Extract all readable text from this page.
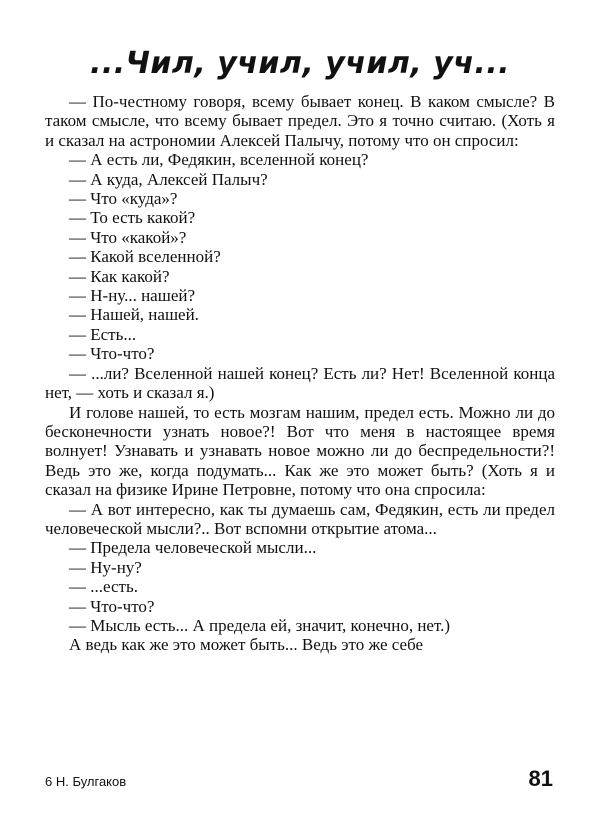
...Чил, учил, учил, уч...

— По-честному говоря, всему бывает конец. В каком смысле? В таком смысле, что всему бывает предел. Это я точно считаю. (Хоть я и сказал на астрономии Алексей Палычу, потому что он спросил:

— А есть ли, Федякин, вселенной конец?

— А куда, Алексей Палыч?

— Что «куда»?

— То есть какой?

— Что «какой»?

— Какой вселенной?

— Как какой?

— Н-ну... нашей?

— Нашей, нашей.

— Есть...

— Что-что?

— ...ли? Вселенной нашей конец? Есть ли? Нет! Вселенной конца нет, — хоть и сказал я.)

И голове нашей, то есть мозгам нашим, предел есть. Можно ли до бесконечности узнать новое?! Вот что меня в настоящее время волнует! Узнавать и узнавать новое можно ли до беспредельности?! Ведь это же, когда подумать... Как же это может быть? (Хоть я и сказал на физике Ирине Петровне, потому что она спросила:

— А вот интересно, как ты думаешь сам, Федякин, есть ли предел человеческой мысли?.. Вот вспомни открытие атома...

— Предела человеческой мысли...

— Ну-ну?

— ...есть.

— Что-что?

— Мысль есть... А предела ей, значит, конечно, нет.)

А ведь как же это может быть... Ведь это же себе

6 Н. Булгаков	81
